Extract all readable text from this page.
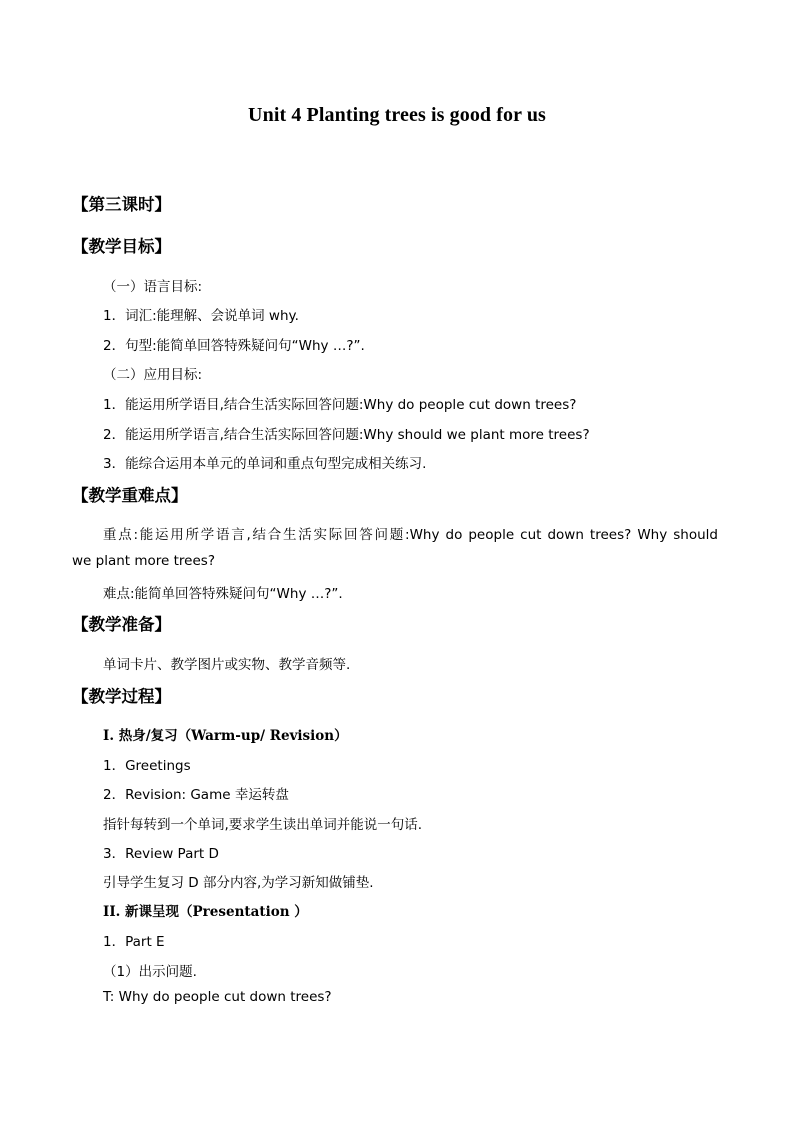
Unit 4 Planting trees is good for us
【第三课时】
【教学目标】
（一）语言目标:
1．词汇:能理解、会说单词 why.
2．句型:能简单回答特殊疑问句“Why …?”.
（二）应用目标:
1．能运用所学语目,结合生活实际回答问题:Why do people cut down trees?
2．能运用所学语言,结合生活实际回答问题:Why should we plant more trees?
3．能综合运用本单元的单词和重点句型完成相关练习.
【教学重难点】
重点:能运用所学语言,结合生活实际回答问题:Why do people cut down trees? Why should
we plant more trees?
难点:能简单回答特殊疑问句“Why …?”.
【教学准备】
单词卡片、教学图片或实物、教学音频等.
【教学过程】
I. 热身/复习（Warm-up/ Revision）
1．Greetings
2．Revision: Game 幸运转盘
指针每转到一个单词,要求学生读出单词并能说一句话.
3．Review Part D
引导学生复习 D 部分内容,为学习新知做铺垫.
II. 新课呈现（Presentation ）
1．Part E
（1）出示问题.
T: Why do people cut down trees?
